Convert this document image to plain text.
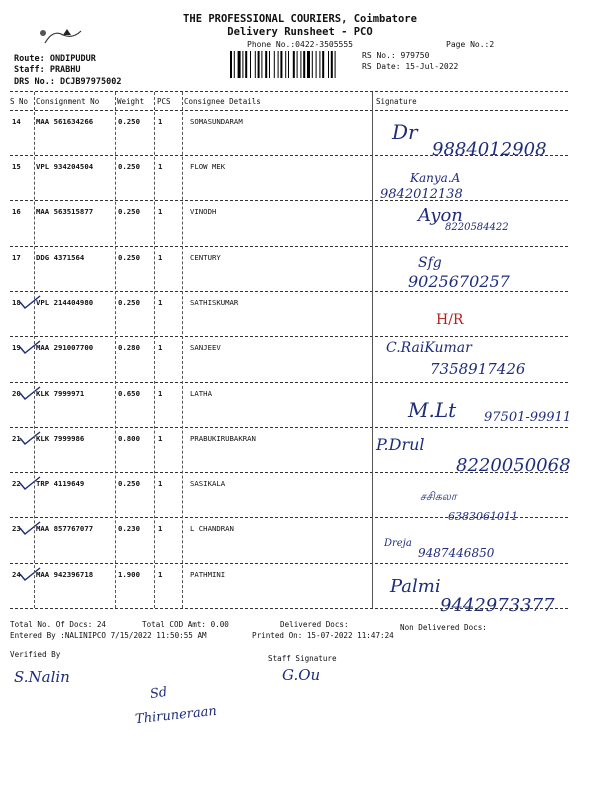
THE PROFESSIONAL COURIERS, Coimbatore
Delivery Runsheet - PCO
Phone No.:0422-3505555	Page No.:2
Route: ONDIPUDUR
Staff: PRABHU
DRS No.: DCJB97975002
RS No.: 979750
RS Date: 15-Jul-2022
S No Consignment No Weight PCS Consignee Details	Signature
14 MAA 561634266	0.250 1	SOMASUNDARAM	Dr
9884012908
15 VPL 934204504	0.250 1	FLOW MEK
Kanya.A
9842012138
16 MAA 563515877	0.250 1	VINODH	Ayon
8220584422
17 DDG 4371564	0.250 1	CENTURY	Sfg
9025670257
18 VPL 214404980	0.250 1	SATHISKUMAR
H/R
19 MAA 291007700	0.280 1	SANJEEV	C.RaiKumar
7358917426
20 KLK 7999971	0.650 1	LATHA
M.Lt 97501-99911
21 KLK 7999986	0.800 1	PRABUKIRUBAKRAN	P.Drul
8220050068
22 TRP 4119649	0.250 1	SASIKALA
சசிகலா
6383061011
23 MAA 857767077	0.230 1	L CHANDRAN
Dreja
9487446850
24 MAA 942396718	1.900 1	PATHMINI
Palmi
9442973377
Total No. Of Docs: 24	Total COD Amt: 0.00	Delivered Docs:	Non Delivered Docs:
Entered By :NALINIPCO 7/15/2022 11:50:55 AM	Printed On: 15-07-2022 11:47:24
Verified By	Staff Signature
S.Nalin	G.Ou
Sd
Thiruneraan
